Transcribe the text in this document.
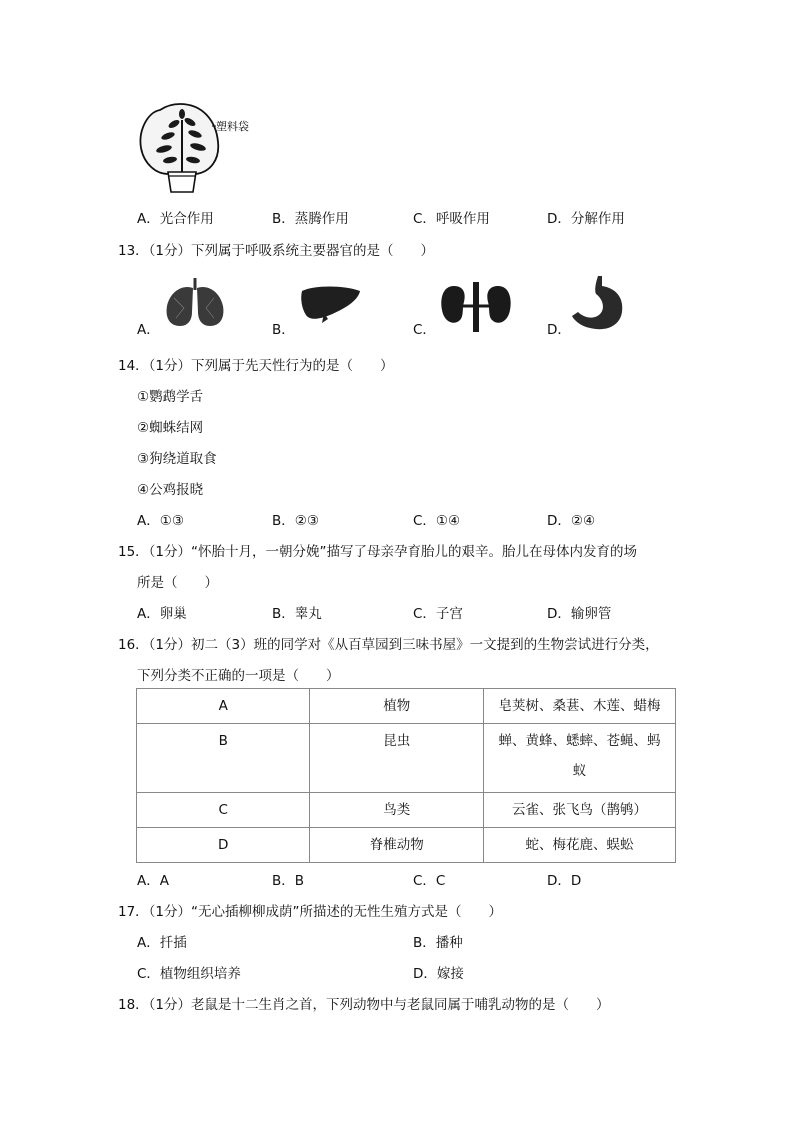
塑料袋
A．光合作用	B．蒸腾作用	C．呼吸作用	D．分解作用
13．（1分）下列属于呼吸系统主要器官的是（　　）
A．	B．	C．	D．
14．（1分）下列属于先天性行为的是（　　）
①鹦鹉学舌
②蜘蛛结网
③狗绕道取食
④公鸡报晓
A．①③	B．②③	C．①④	D．②④
15．（1分）“怀胎十月，一朝分娩”描写了母亲孕育胎儿的艰辛。胎儿在母体内发育的场
所是（　　）
A．卵巢	B．睾丸	C．子宫	D．输卵管
16．（1分）初二（3）班的同学对《从百草园到三味书屋》一文提到的生物尝试进行分类，
下列分类不正确的一项是（　　）
A	植物	皂荚树、桑葚、木莲、蜡梅
B	昆虫	蝉、黄蜂、蟋蟀、苍蝇、蚂蚁
C	鸟类	云雀、张飞鸟（鹊鸲）
D	脊椎动物	蛇、梅花鹿、蜈蚣
A．A	B．B	C．C	D．D
17．（1分）“无心插柳柳成荫”所描述的无性生殖方式是（　　）
A．扦插	B．播种
C．植物组织培养	D．嫁接
18．（1分）老鼠是十二生肖之首，下列动物中与老鼠同属于哺乳动物的是（　　）
